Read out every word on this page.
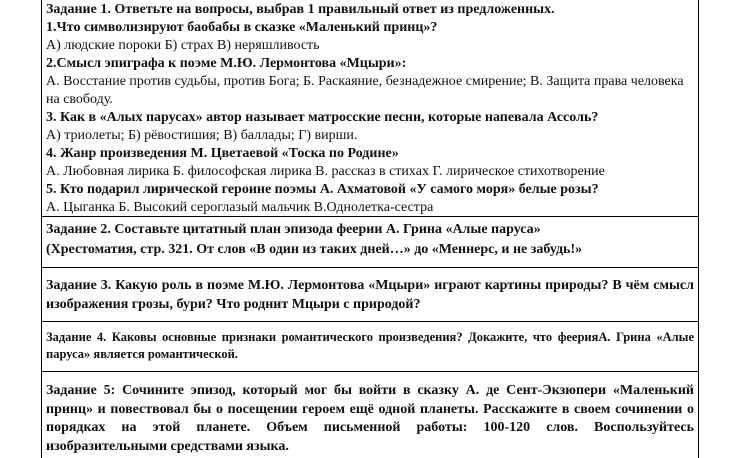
Задание 1. Ответьте на вопросы, выбрав 1 правильный ответ из предложенных.
1.Что символизируют баобабы в сказке «Маленький принц»?
А) людские пороки Б) страх В) неряшливость
2.Смысл эпиграфа к поэме М.Ю. Лермонтова «Мцыри»:
А. Восстание против судьбы, против Бога; Б. Раскаяние, безнадежное смирение; В. Защита права человека на свободу.
3. Как в «Алых парусах» автор называет матросские песни, которые напевала Ассоль?
А) триолеты; Б) рёвостишия; В) баллады; Г) вирши.
4. Жанр произведения М. Цветаевой «Тоска по Родине»
А. Любовная лирика Б. философская лирика В. рассказ в стихах Г. лирическое стихотворение
5. Кто подарил лирической героине поэмы А. Ахматовой «У самого моря» белые розы?
А. Цыганка Б. Высокий сероглазый мальчик В.Однолетка-сестра
Задание 2. Составьте цитатный план эпизода феерии А. Грина «Алые паруса»
(Хрестоматия, стр. 321. От слов «В один из таких дней…» до «Меннерс, и не забудь!»
Задание 3. Какую роль в поэме М.Ю. Лермонтова «Мцыри» играют картины природы? В чём смысл изображения грозы, бури? Что роднит Мцыри с природой?
Задание 4. Каковы основные признаки романтического произведения? Докажите, что феерияА. Грина «Алые паруса» является романтической.
Задание 5: Сочините эпизод, который мог бы войти в сказку А. де Сент-Экзюпери «Маленький принц» и повествовал бы о посещении героем ещё одной планеты. Расскажите в своем сочинении о порядках на этой планете. Объем письменной работы: 100-120 слов. Воспользуйтесь изобразительными средствами языка.
